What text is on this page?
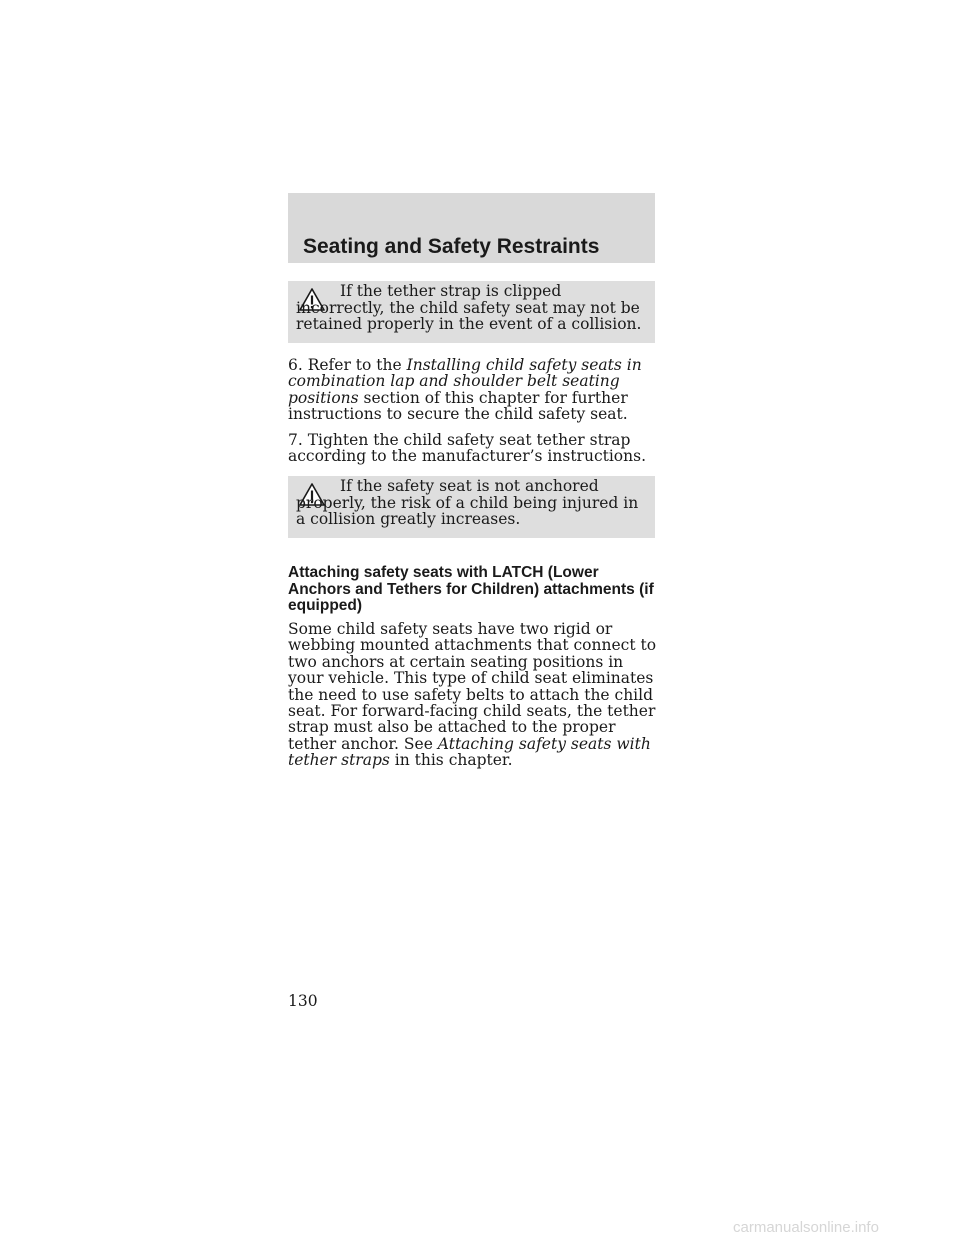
Seating and Safety Restraints
If the tether strap is clipped incorrectly, the child safety seat may not be retained properly in the event of a collision.

6. Refer to the Installing child safety seats in combination lap and shoulder belt seating positions section of this chapter for further instructions to secure the child safety seat.

7. Tighten the child safety seat tether strap according to the manufacturer’s instructions.

If the safety seat is not anchored properly, the risk of a child being injured in a collision greatly increases.

Attaching safety seats with LATCH (Lower Anchors and Tethers for Children) attachments (if equipped)

Some child safety seats have two rigid or webbing mounted attachments that connect to two anchors at certain seating positions in your vehicle. This type of child seat eliminates the need to use safety belts to attach the child seat. For forward-facing child seats, the tether strap must also be attached to the proper tether anchor. See Attaching safety seats with tether straps in this chapter.

130
carmanualsonline.info
